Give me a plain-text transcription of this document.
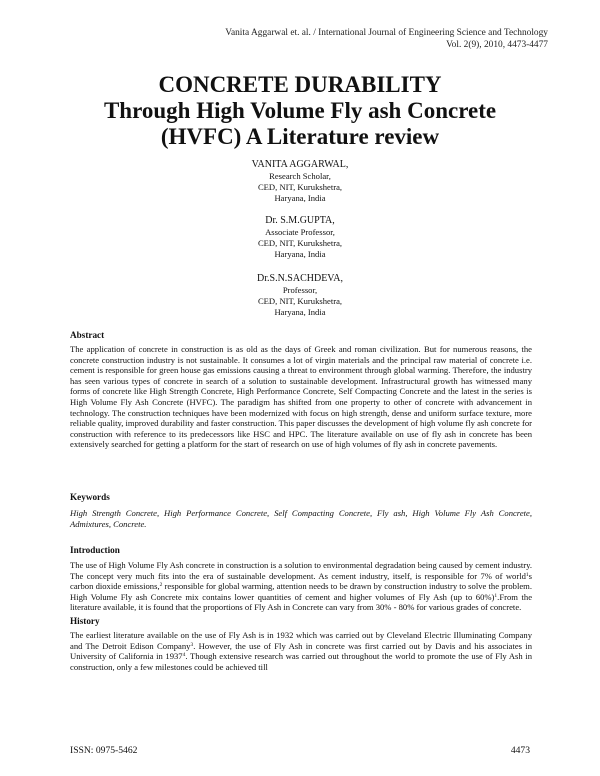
Vanita Aggarwal et. al. / International Journal of Engineering Science and Technology
Vol. 2(9), 2010, 4473-4477
CONCRETE DURABILITY
Through High Volume Fly ash Concrete
(HVFC) A Literature review
VANITA AGGARWAL,
Research Scholar,
CED, NIT, Kurukshetra,
Haryana, India
Dr. S.M.GUPTA,
Associate Professor,
CED, NIT, Kurukshetra,
Haryana, India
Dr.S.N.SACHDEVA,
Professor,
CED, NIT, Kurukshetra,
Haryana, India
Abstract

The application of concrete in construction is as old as the days of Greek and roman civilization. But for numerous reasons, the concrete construction industry is not sustainable. It consumes a lot of virgin materials and the principal raw material of concrete i.e. cement is responsible for green house gas emissions causing a threat to environment through global warming. Therefore, the industry has seen various types of concrete in search of a solution to sustainable development. Infrastructural growth has witnessed many forms of concrete like High Strength Concrete, High Performance Concrete, Self Compacting Concrete and the latest in the series is High Volume Fly Ash Concrete (HVFC). The paradigm has shifted from one property to other of concrete with advancement in technology. The construction techniques have been modernized with focus on high strength, dense and uniform surface texture, more reliable quality, improved durability and faster construction. This paper discusses the development of high volume fly ash concrete for construction with reference to its predecessors like HSC and HPC. The literature available on use of fly ash in concrete has been extensively searched for getting a platform for the start of research on use of high volumes of fly ash in concrete pavements.

Keywords

High Strength Concrete, High Performance Concrete, Self Compacting Concrete, Fly ash, High Volume Fly Ash Concrete, Admixtures, Concrete.

Introduction

The use of High Volume Fly Ash concrete in construction is a solution to environmental degradation being caused by cement industry. The concept very much fits into the era of sustainable development. As cement industry, itself, is responsible for 7% of world$^1$s carbon dioxide emissions,$^2$ responsible for global warming, attention needs to be drawn by construction industry to solve the problem. High Volume Fly ash Concrete mix contains lower quantities of cement and higher volumes of Fly Ash (up to 60%)$^1$.From the literature available, it is found that the proportions of Fly Ash in Concrete can vary from 30% - 80% for various grades of concrete.

History

The earliest literature available on the use of Fly Ash is in 1932 which was carried out by Cleveland Electric Illuminating Company and The Detroit Edison Company$^3$. However, the use of Fly Ash in concrete was first carried out by Davis and his associates in University of California in 1937$^4$. Though extensive research was carried out throughout the world to promote the use of Fly Ash in construction, only a few milestones could be achieved till

ISSN: 0975-5462	4473
